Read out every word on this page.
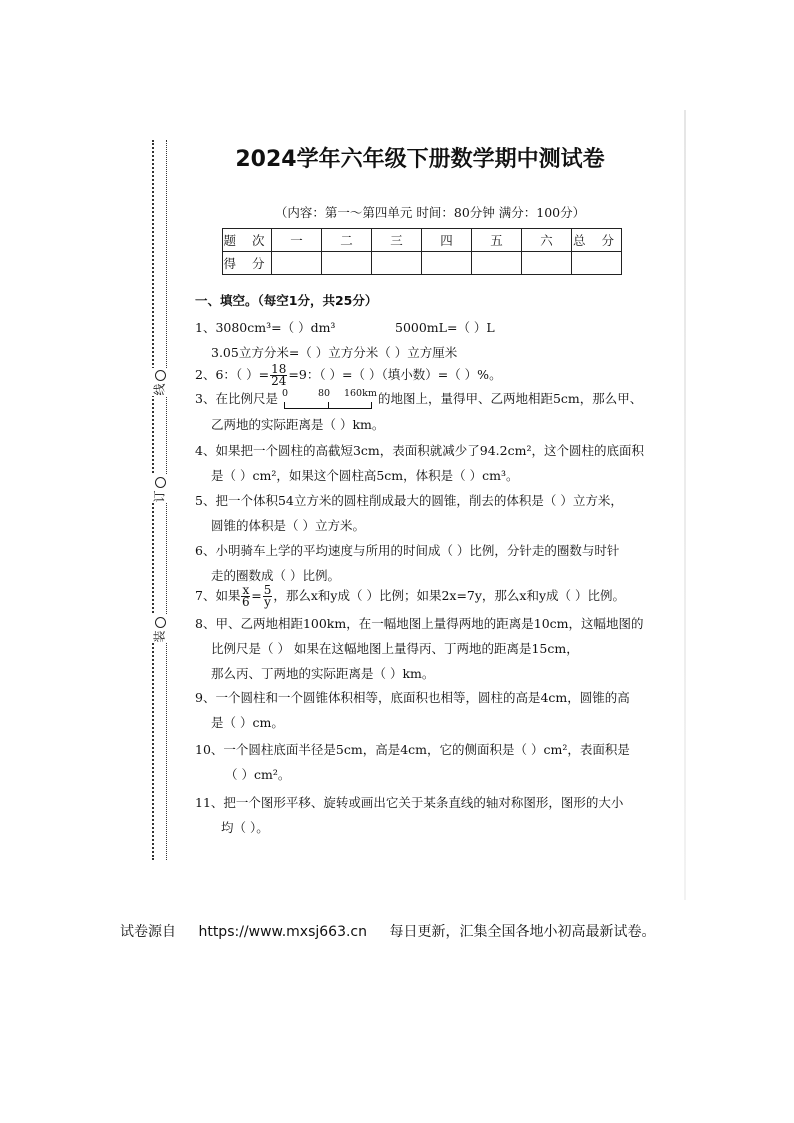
线
订
装
2024学年六年级下册数学期中测试卷
（内容：第一～第四单元 时间：80分钟 满分：100分）
题 次	一	二	三	四	五	六	总 分
得 分							
一、填空。（每空1分，共25分）
1、3080cm³=（ ）dm³	5000mL=（ ）L
3.05立方分米=（ ）立方分米（ ）立方厘米
2、6：（ ）= $\frac{18}{24} =9$：（ ）=（ ）（填小数）=（ ）%。
3、在比例尺是 0	80 160km 的地图上，量得甲、乙两地相距5cm，那么甲、
乙两地的实际距离是（ ）km。
4、如果把一个圆柱的高截短3cm，表面积就减少了94.2cm²，这个圆柱的底面积
是（ ）cm²，如果这个圆柱高5cm，体积是（ ）cm³。
5、把一个体积54立方米的圆柱削成最大的圆锥，削去的体积是（ ）立方米，
圆锥的体积是（ ）立方米。
6、小明骑车上学的平均速度与所用的时间成（ ）比例，分针走的圈数与时针
走的圈数成（ ）比例。
7、如果 $\frac{x}{6} = \frac{5}{y}$ ，那么x和y成（ ）比例；如果2x=7y，那么x和y成（ ）比例。
8、甲、乙两地相距100km，在一幅地图上量得两地的距离是10cm，这幅地图的
比例尺是（ ） 如果在这幅地图上量得丙、丁两地的距离是15cm，
那么丙、丁两地的实际距离是（ ）km。
9、一个圆柱和一个圆锥体积相等，底面积也相等，圆柱的高是4cm，圆锥的高
是（ ）cm。
10、一个圆柱底面半径是5cm，高是4cm，它的侧面积是（ ）cm²，表面积是
（ ）cm²。
11、把一个图形平移、旋转或画出它关于某条直线的轴对称图形，图形的大小
均（ ）。
试卷源自 https://www.mxsj663.cn 每日更新，汇集全国各地小初高最新试卷。
